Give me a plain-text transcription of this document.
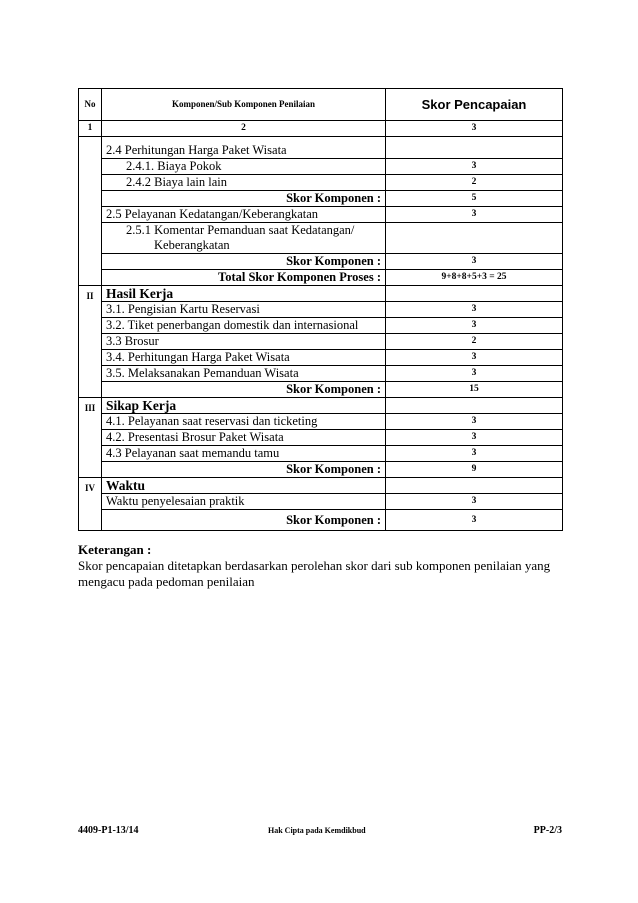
No	Komponen/Sub Komponen Penilaian	Skor Pencapaian
1	2	3

	2.4 Perhitungan Harga Paket Wisata	
	2.4.1. Biaya Pokok	3
	2.4.2 Biaya lain lain	2
	Skor Komponen :	5
	2.5 Pelayanan Kedatangan/Keberangkatan	3
	2.5.1 Komentar Pemanduan saat Kedatangan/	
	Keberangkatan	
	Skor Komponen :	3
	Total Skor Komponen Proses :	9+8+8+5+3 = 25
II	Hasil Kerja	
	3.1. Pengisian Kartu Reservasi	3
	3.2. Tiket penerbangan domestik dan internasional	3
	3.3 Brosur	2
	3.4. Perhitungan Harga Paket Wisata	3
	3.5. Melaksanakan Pemanduan Wisata	3
	Skor Komponen :	15
III	Sikap Kerja	
	4.1. Pelayanan saat reservasi dan ticketing	3
	4.2. Presentasi Brosur Paket Wisata	3
	4.3 Pelayanan saat memandu tamu	3
	Skor Komponen :	9
IV	Waktu	
	Waktu penyelesaian praktik	3
	Skor Komponen :	3
Keterangan :
Skor pencapaian ditetapkan berdasarkan perolehan skor dari sub komponen penilaian yang
mengacu pada pedoman penilaian
4409-P1-13/14	Hak Cipta pada Kemdikbud	PP-2/3
